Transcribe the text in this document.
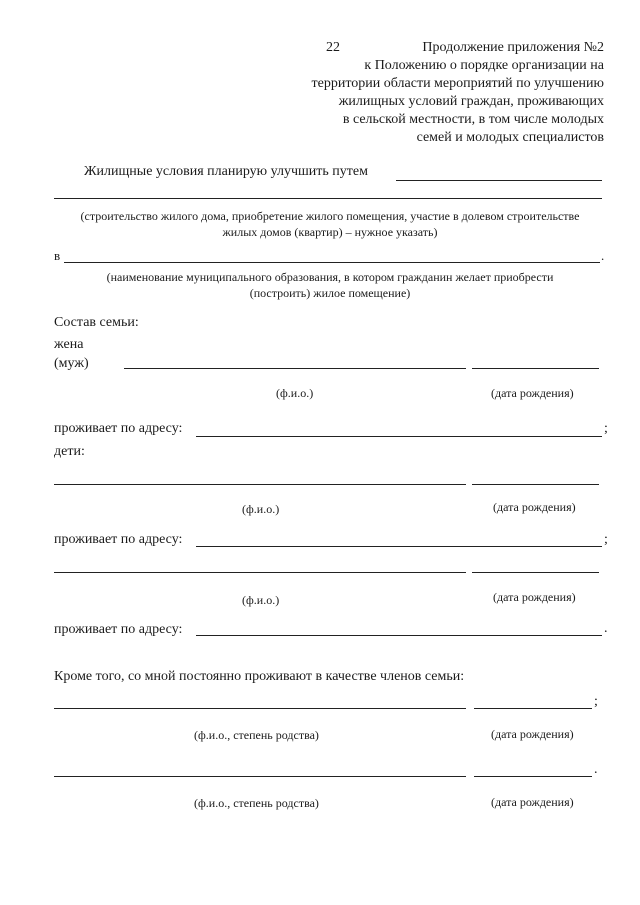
22	Продолжение приложения №2
к Положению о порядке организации на
территории области мероприятий по улучшению
жилищных условий граждан, проживающих
в сельской местности, в том числе молодых
семей и молодых специалистов
Жилищные условия планирую улучшить путем
(строительство жилого дома, приобретение жилого помещения, участие в долевом строительстве
жилых домов (квартир) – нужное указать)
в	.
(наименование муниципального образования, в котором гражданин желает приобрести
(построить) жилое помещение)
Состав семьи:
жена
(муж)
(ф.и.о.)	(дата рождения)
проживает по адресу:	;
дети:
(ф.и.о.)	(дата рождения)
проживает по адресу:	;
(ф.и.о.)	(дата рождения)
проживает по адресу:	.
Кроме того, со мной постоянно проживают в качестве членов семьи:
;
(ф.и.о., степень родства)	(дата рождения)
.
(ф.и.о., степень родства)	(дата рождения)
